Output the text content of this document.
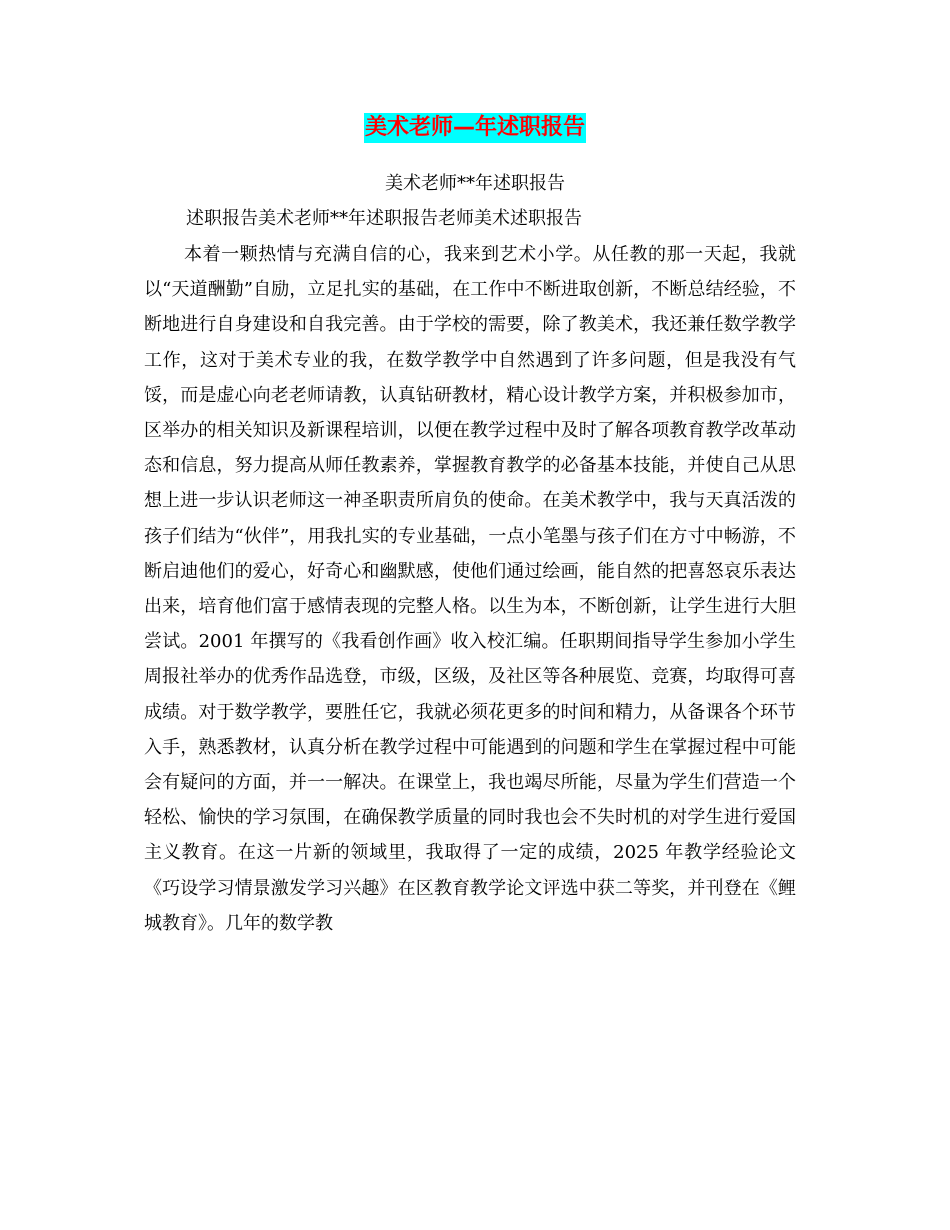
美术老师—年述职报告
美术老师**年述职报告
述职报告美术老师**年述职报告老师美术述职报告

本着一颗热情与充满自信的心，我来到艺术小学。从任教的那一天起，我就以“天道酬勤”自励，立足扎实的基础，在工作中不断进取创新，不断总结经验，不断地进行自身建设和自我完善。由于学校的需要，除了教美术，我还兼任数学教学工作，这对于美术专业的我，在数学教学中自然遇到了许多问题，但是我没有气馁，而是虚心向老老师请教，认真钻研教材，精心设计教学方案，并积极参加市，区举办的相关知识及新课程培训，以便在教学过程中及时了解各项教育教学改革动态和信息，努力提高从师任教素养，掌握教育教学的必备基本技能，并使自己从思想上进一步认识老师这一神圣职责所肩负的使命。在美术教学中，我与天真活泼的孩子们结为“伙伴”，用我扎实的专业基础，一点小笔墨与孩子们在方寸中畅游，不断启迪他们的爱心，好奇心和幽默感，使他们通过绘画，能自然的把喜怒哀乐表达出来，培育他们富于感情表现的完整人格。以生为本，不断创新，让学生进行大胆尝试。2001 年撰写的《我看创作画》收入校汇编。任职期间指导学生参加小学生周报社举办的优秀作品选登，市级，区级，及社区等各种展览、竞赛，均取得可喜成绩。对于数学教学，要胜任它，我就必须花更多的时间和精力，从备课各个环节入手，熟悉教材，认真分析在教学过程中可能遇到的问题和学生在掌握过程中可能会有疑问的方面，并一一解决。在课堂上，我也竭尽所能，尽量为学生们营造一个轻松、愉快的学习氛围，在确保教学质量的同时我也会不失时机的对学生进行爱国主义教育。在这一片新的领域里，我取得了一定的成绩，2025 年教学经验论文《巧设学习情景激发学习兴趣》在区教育教学论文评选中获二等奖，并刊登在《鲤城教育》。几年的数学教
